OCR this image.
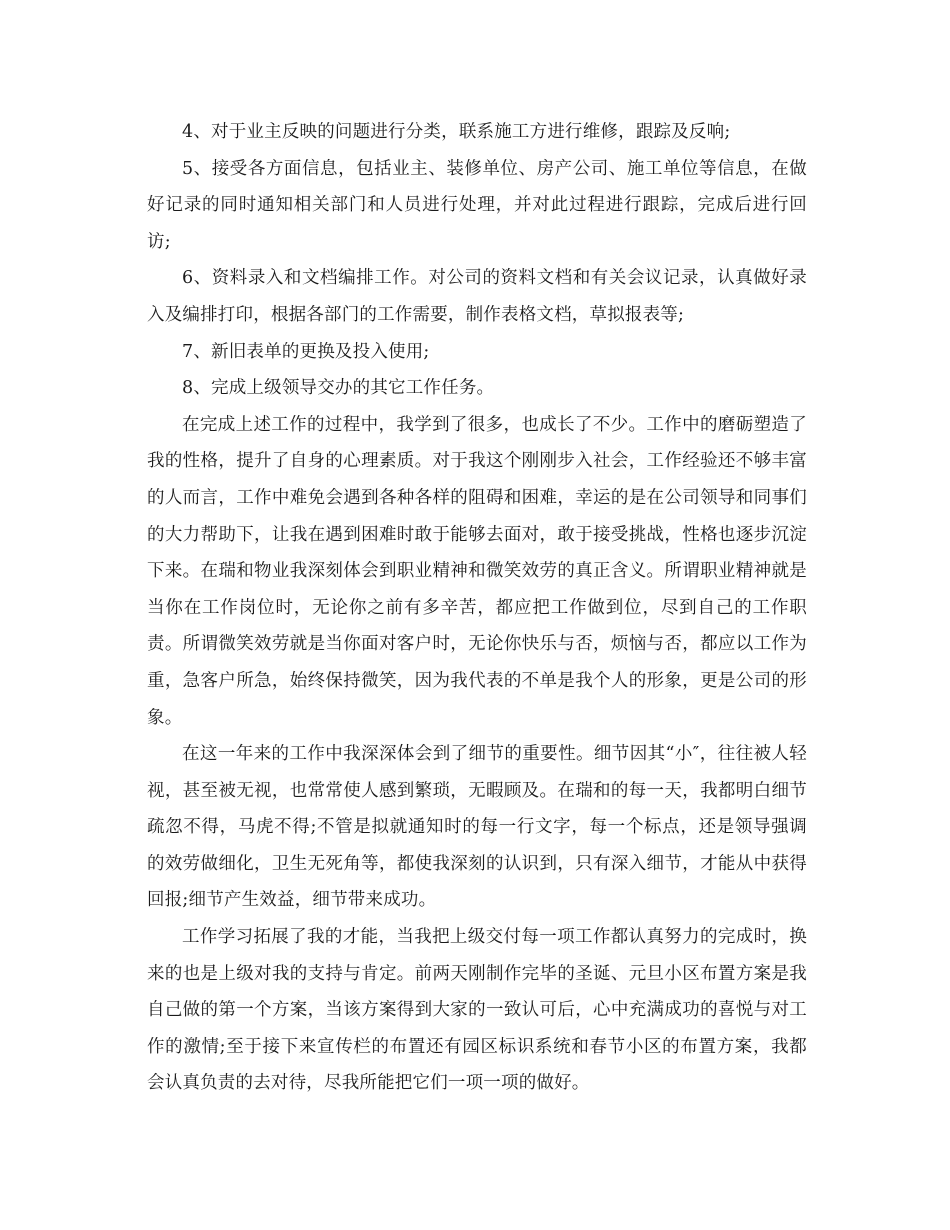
4、对于业主反映的问题进行分类，联系施工方进行维修，跟踪及反响;

5、接受各方面信息，包括业主、装修单位、房产公司、施工单位等信息，在做好记录的同时通知相关部门和人员进行处理，并对此过程进行跟踪，完成后进行回访;

6、资料录入和文档编排工作。对公司的资料文档和有关会议记录，认真做好录入及编排打印，根据各部门的工作需要，制作表格文档，草拟报表等;

7、新旧表单的更换及投入使用;

8、完成上级领导交办的其它工作任务。

在完成上述工作的过程中，我学到了很多，也成长了不少。工作中的磨砺塑造了我的性格，提升了自身的心理素质。对于我这个刚刚步入社会，工作经验还不够丰富的人而言，工作中难免会遇到各种各样的阻碍和困难，幸运的是在公司领导和同事们的大力帮助下，让我在遇到困难时敢于能够去面对，敢于接受挑战，性格也逐步沉淀下来。在瑞和物业我深刻体会到职业精神和微笑效劳的真正含义。所谓职业精神就是当你在工作岗位时，无论你之前有多辛苦，都应把工作做到位，尽到自己的工作职责。所谓微笑效劳就是当你面对客户时，无论你快乐与否，烦恼与否，都应以工作为重，急客户所急，始终保持微笑，因为我代表的不单是我个人的形象，更是公司的形象。

在这一年来的工作中我深深体会到了细节的重要性。细节因其“小″，往往被人轻视，甚至被无视，也常常使人感到繁琐，无暇顾及。在瑞和的每一天，我都明白细节疏忽不得，马虎不得;不管是拟就通知时的每一行文字，每一个标点，还是领导强调的效劳做细化，卫生无死角等，都使我深刻的认识到，只有深入细节，才能从中获得回报;细节产生效益，细节带来成功。

工作学习拓展了我的才能，当我把上级交付每一项工作都认真努力的完成时，换来的也是上级对我的支持与肯定。前两天刚制作完毕的圣诞、元旦小区布置方案是我自己做的第一个方案，当该方案得到大家的一致认可后，心中充满成功的喜悦与对工作的激情;至于接下来宣传栏的布置还有园区标识系统和春节小区的布置方案，我都会认真负责的去对待，尽我所能把它们一项一项的做好。
